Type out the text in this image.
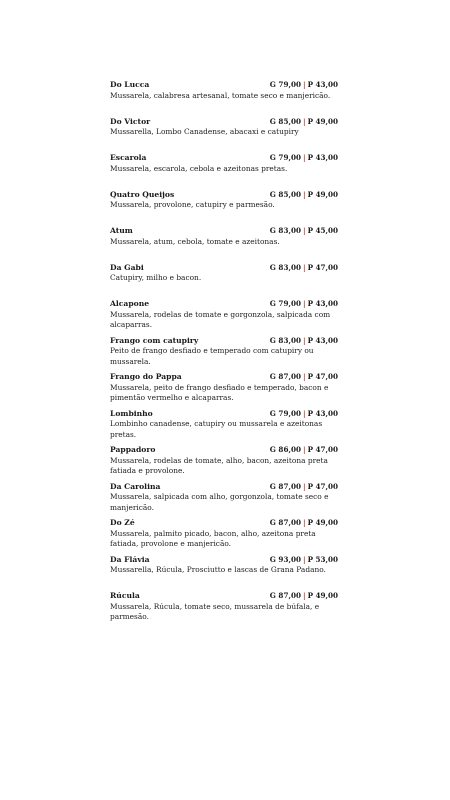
Do Lucca	G 79,00 | P 43,00
Mussarela, calabresa artesanal, tomate seco e manjericão.
Do Victor	G 85,00 | P 49,00
Mussarella, Lombo Canadense, abacaxi e catupiry
Escarola	G 79,00 | P 43,00
Mussarela, escarola, cebola e azeitonas pretas.
Quatro Queijos	G 85,00 | P 49,00
Mussarela, provolone, catupiry e parmesão.
Atum	G 83,00 | P 45,00
Mussarela, atum, cebola, tomate e azeitonas.
Da Gabi	G 83,00 | P 47,00
Catupiry, milho e bacon.
Alcapone	G 79,00 | P 43,00
Mussarela, rodelas de tomate e gorgonzola, salpicada com alcaparras.
Frango com catupiry	G 83,00 | P 43,00
Peito de frango desfiado e temperado com catupiry ou mussarela.
Frango do Pappa	G 87,00 | P 47,00
Mussarela, peito de frango desfiado e temperado, bacon e pimentão vermelho e alcaparras.
Lombinho	G 79,00 | P 43,00
Lombinho canadense, catupiry ou mussarela e azeitonas pretas.
Pappadoro	G 86,00 | P 47,00
Mussarela, rodelas de tomate, alho, bacon, azeitona preta fatiada e provolone.
Da Carolina	G 87,00 | P 47,00
Mussarela, salpicada com alho, gorgonzola, tomate seco e manjericão.
Do Zé	G 87,00 | P 49,00
Mussarela, palmito picado, bacon, alho, azeitona preta fatiada, provolone e manjericão.
Da Flávia	G 93,00 | P 53,00
Mussarella, Rúcula, Prosciutto e lascas de Grana Padano.
Rúcula	G 87,00 | P 49,00
Mussarela, Rúcula, tomate seco, mussarela de búfala, e parmesão.
